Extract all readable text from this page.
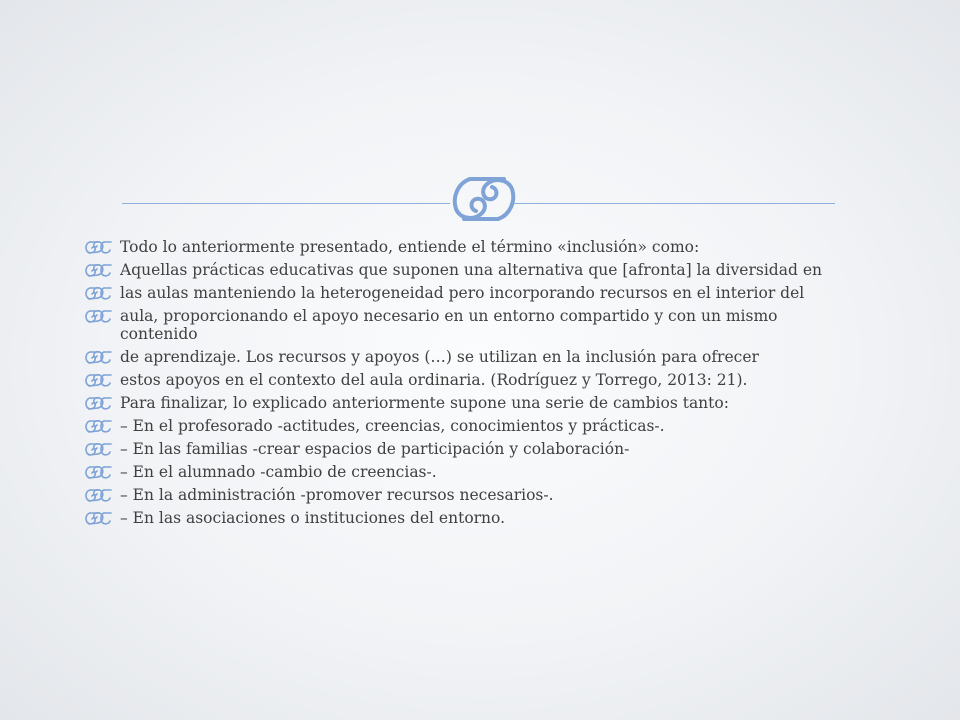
Todo lo anteriormente presentado, entiende el término «inclusión» como:
Aquellas prácticas educativas que suponen una alternativa que [afronta] la diversidad en
las aulas manteniendo la heterogeneidad pero incorporando recursos en el interior del
aula, proporcionando el apoyo necesario en un entorno compartido y con un mismo contenido
de aprendizaje. Los recursos y apoyos (…) se utilizan en la inclusión para ofrecer
estos apoyos en el contexto del aula ordinaria. (Rodríguez y Torrego, 2013: 21).
Para finalizar, lo explicado anteriormente supone una serie de cambios tanto:
– En el profesorado -actitudes, creencias, conocimientos y prácticas-.
– En las familias -crear espacios de participación y colaboración-
– En el alumnado -cambio de creencias-.
– En la administración -promover recursos necesarios-.
– En las asociaciones o instituciones del entorno.
